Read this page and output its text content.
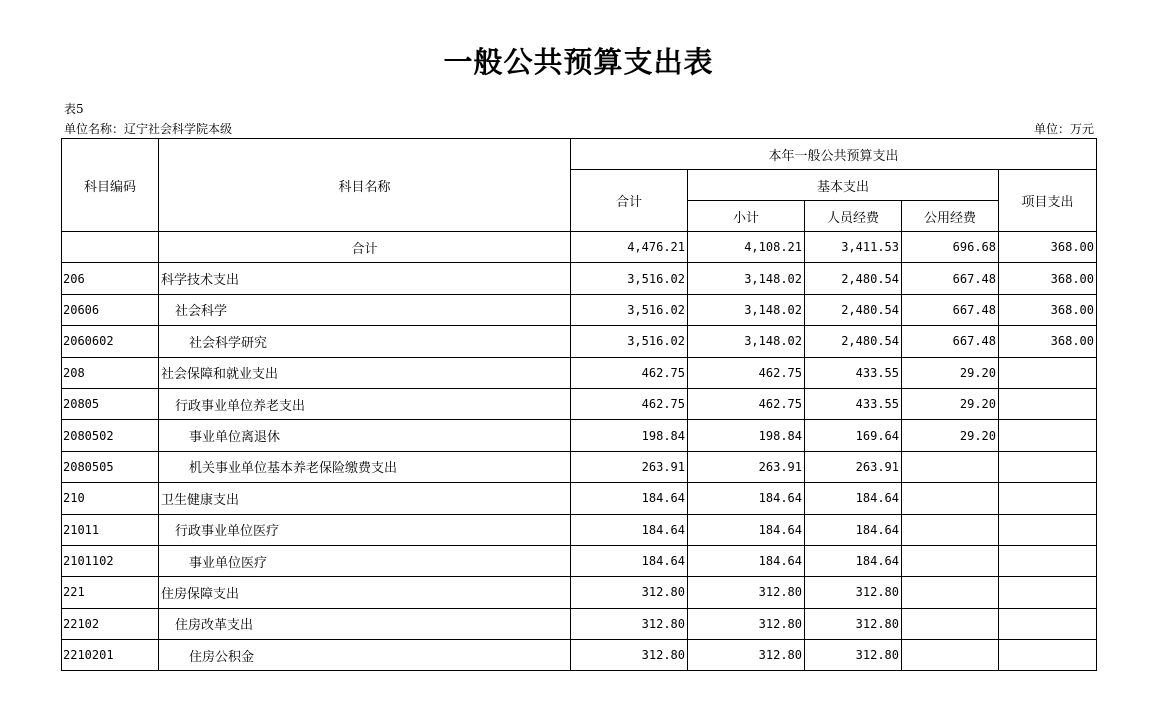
一般公共预算支出表
表5
单位名称：辽宁社会科学院本级	单位：万元
科目编码	科目名称	本年一般公共预算支出				
		合计	基本支出			项目支出
			小计	人员经费	公用经费	
	合计	4,476.21	4,108.21	3,411.53	696.68	368.00
206	科学技术支出	3,516.02	3,148.02	2,480.54	667.48	368.00
20606	社会科学	3,516.02	3,148.02	2,480.54	667.48	368.00
2060602	社会科学研究	3,516.02	3,148.02	2,480.54	667.48	368.00
208	社会保障和就业支出	462.75	462.75	433.55	29.20	
20805	行政事业单位养老支出	462.75	462.75	433.55	29.20	
2080502	事业单位离退休	198.84	198.84	169.64	29.20	
2080505	机关事业单位基本养老保险缴费支出	263.91	263.91	263.91		
210	卫生健康支出	184.64	184.64	184.64		
21011	行政事业单位医疗	184.64	184.64	184.64		
2101102	事业单位医疗	184.64	184.64	184.64		
221	住房保障支出	312.80	312.80	312.80		
22102	住房改革支出	312.80	312.80	312.80		
2210201	住房公积金	312.80	312.80	312.80		
